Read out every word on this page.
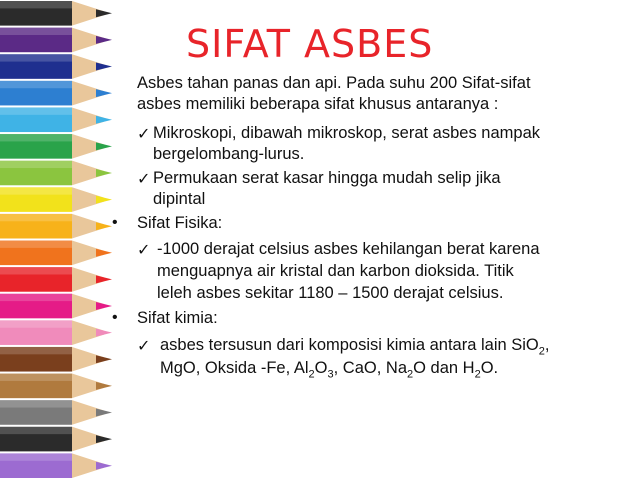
SIFAT ASBES
Asbes tahan panas dan api. Pada suhu 200 Sifat-sifat
asbes memiliki beberapa sifat khusus antaranya :
✓ Mikroskopi, dibawah mikroskop, serat asbes nampak
bergelombang-lurus.
✓ Permukaan serat kasar hingga mudah selip jika
dipintal
• Sifat Fisika:
✓ -1000 derajat celsius asbes kehilangan berat karena
menguapnya air kristal dan karbon dioksida. Titik
leleh asbes sekitar 1180 – 1500 derajat celsius.
• Sifat kimia:
✓ asbes tersusun dari komposisi kimia antara lain SiO$_2$,
MgO, Oksida -Fe, $Al_2O_3$, CaO, $Na_2O$ dan $H_2O$.
